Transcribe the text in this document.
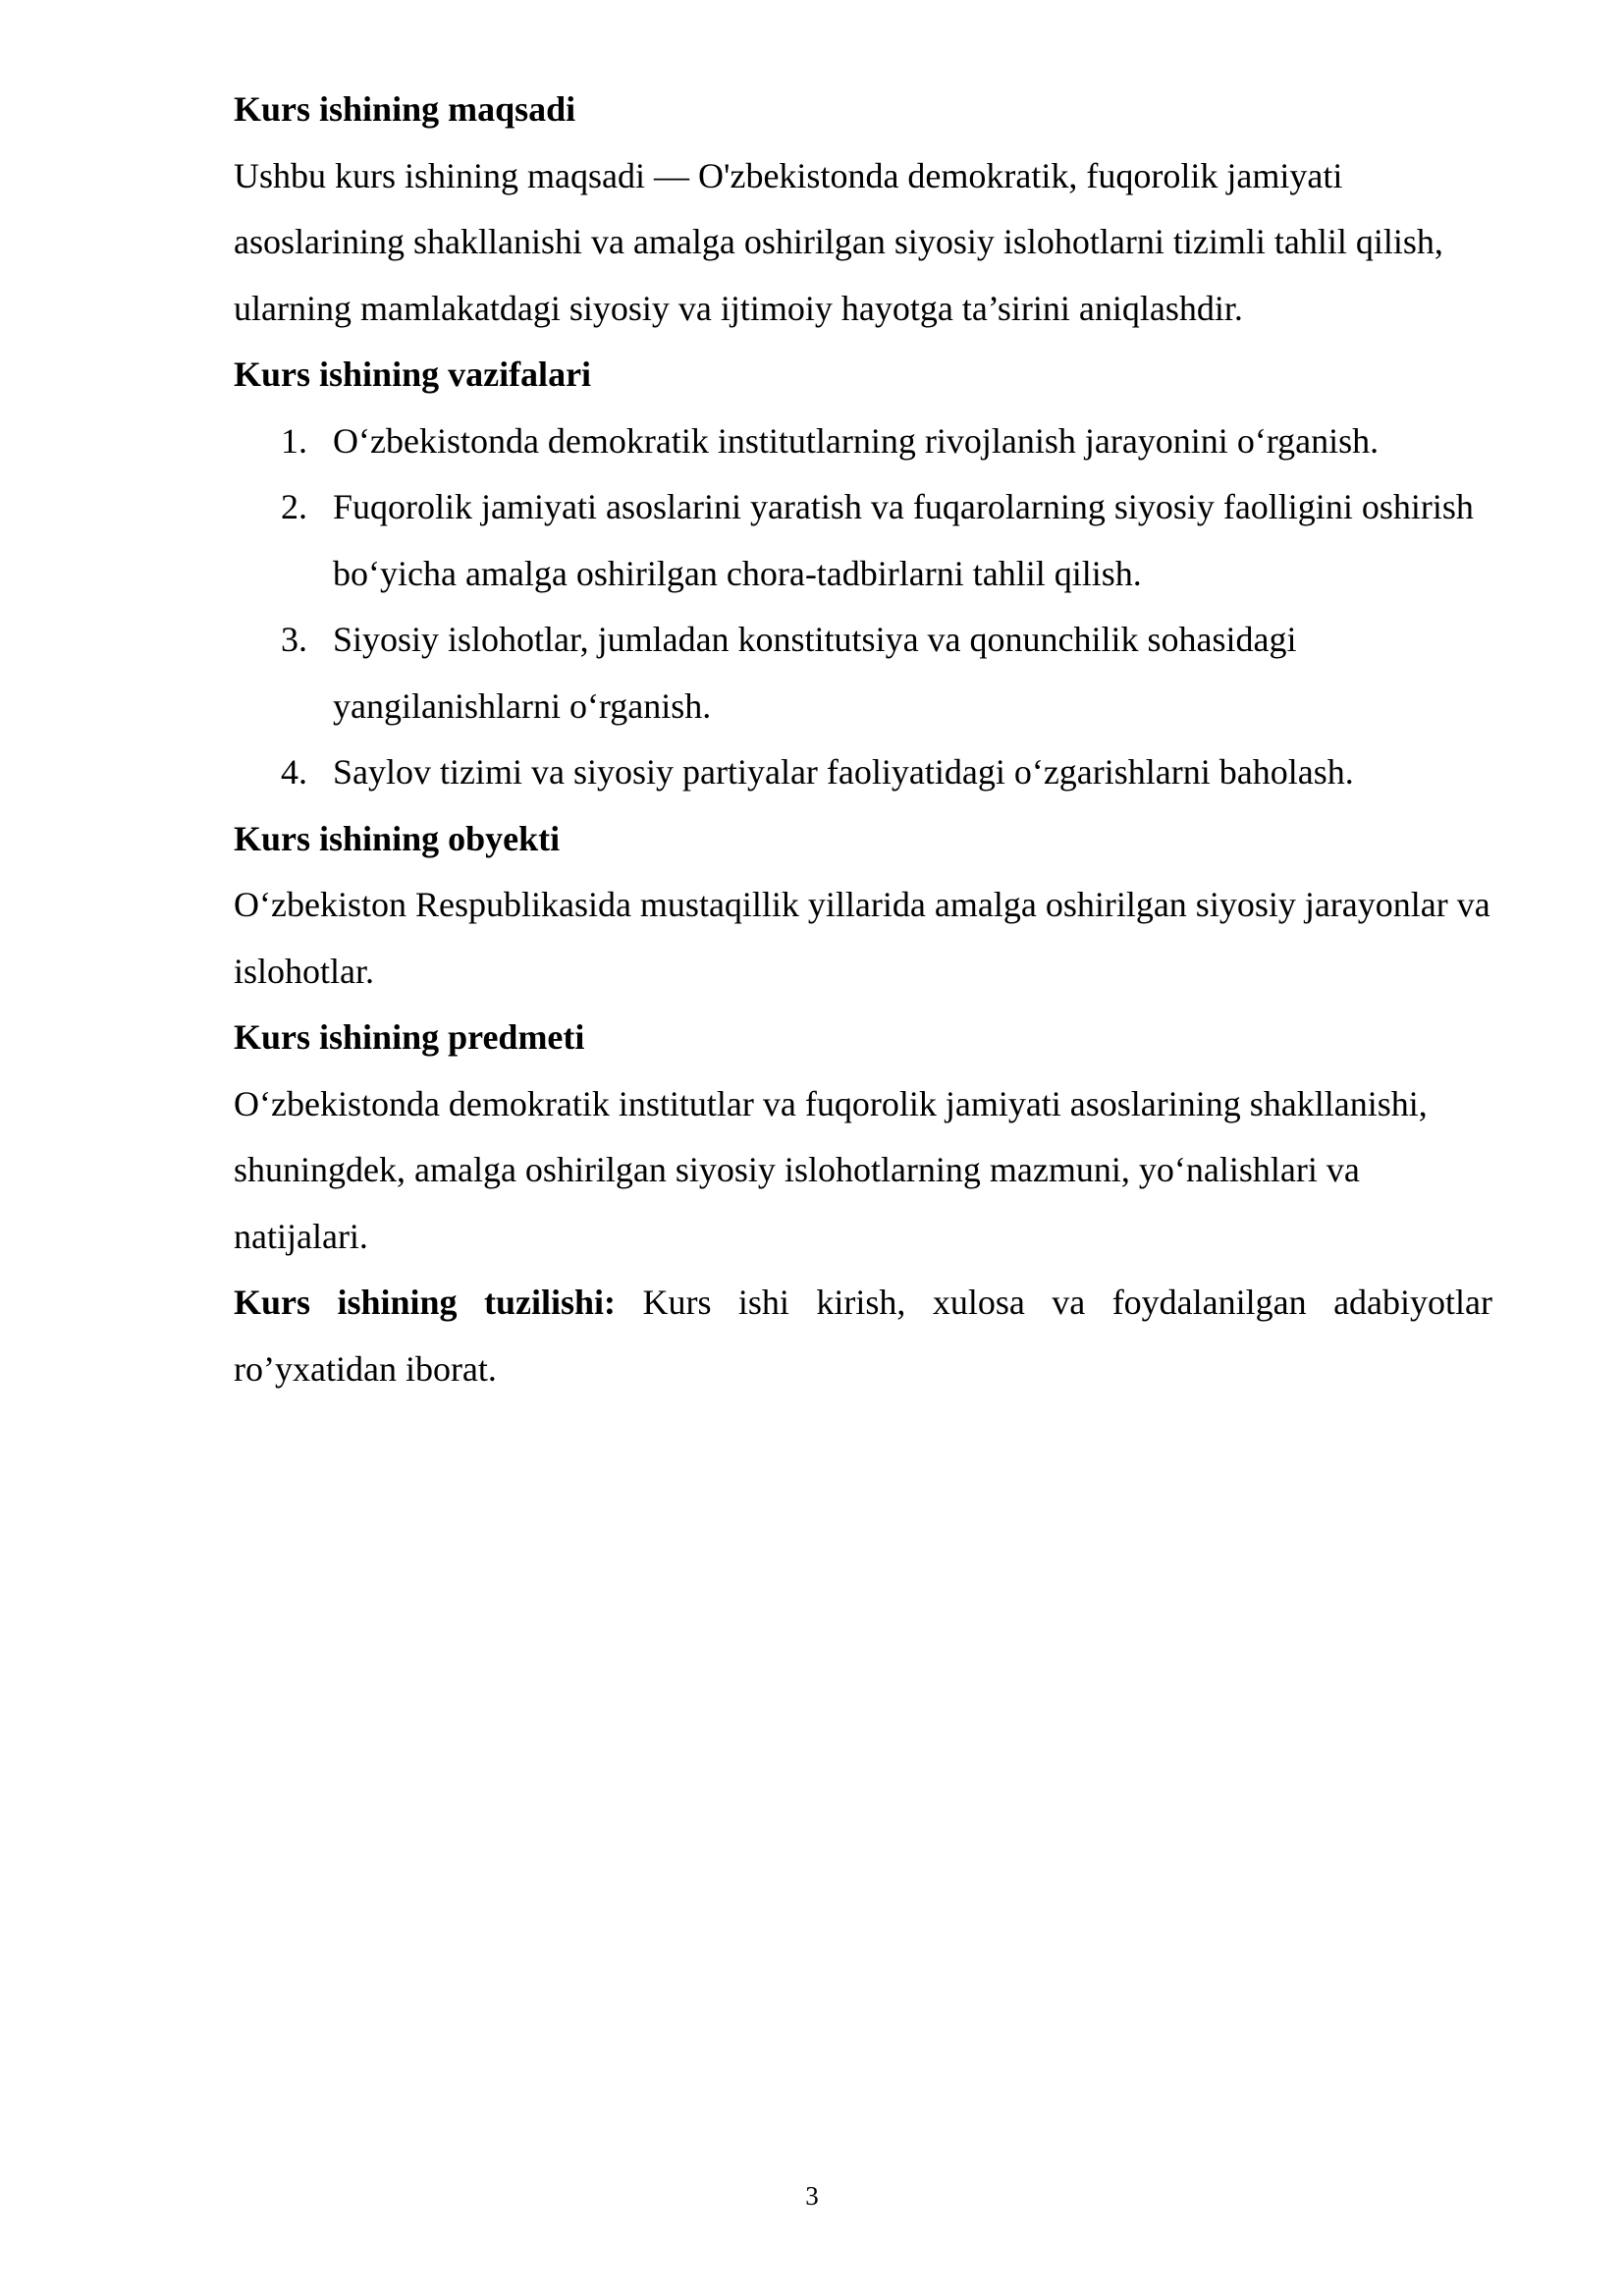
Kurs ishining maqsadi

Ushbu kurs ishining maqsadi — O'zbekistonda demokratik, fuqorolik jamiyati asoslarining shakllanishi va amalga oshirilgan siyosiy islohotlarni tizimli tahlil qilish, ularning mamlakatdagi siyosiy va ijtimoiy hayotga ta’sirini aniqlashdir.

Kurs ishining vazifalari

1. O‘zbekistonda demokratik institutlarning rivojlanish jarayonini o‘rganish.
2. Fuqorolik jamiyati asoslarini yaratish va fuqarolarning siyosiy faolligini oshirish bo‘yicha amalga oshirilgan chora-tadbirlarni tahlil qilish.
3. Siyosiy islohotlar, jumladan konstitutsiya va qonunchilik sohasidagi yangilanishlarni o‘rganish.
4. Saylov tizimi va siyosiy partiyalar faoliyatidagi o‘zgarishlarni baholash.

Kurs ishining obyekti

O‘zbekiston Respublikasida mustaqillik yillarida amalga oshirilgan siyosiy jarayonlar va islohotlar.

Kurs ishining predmeti

O‘zbekistonda demokratik institutlar va fuqorolik jamiyati asoslarining shakllanishi, shuningdek, amalga oshirilgan siyosiy islohotlarning mazmuni, yo‘nalishlari va natijalari.

Kurs ishining tuzilishi: Kurs ishi kirish, xulosa va foydalanilgan adabiyotlar ro’yxatidan iborat.

3
